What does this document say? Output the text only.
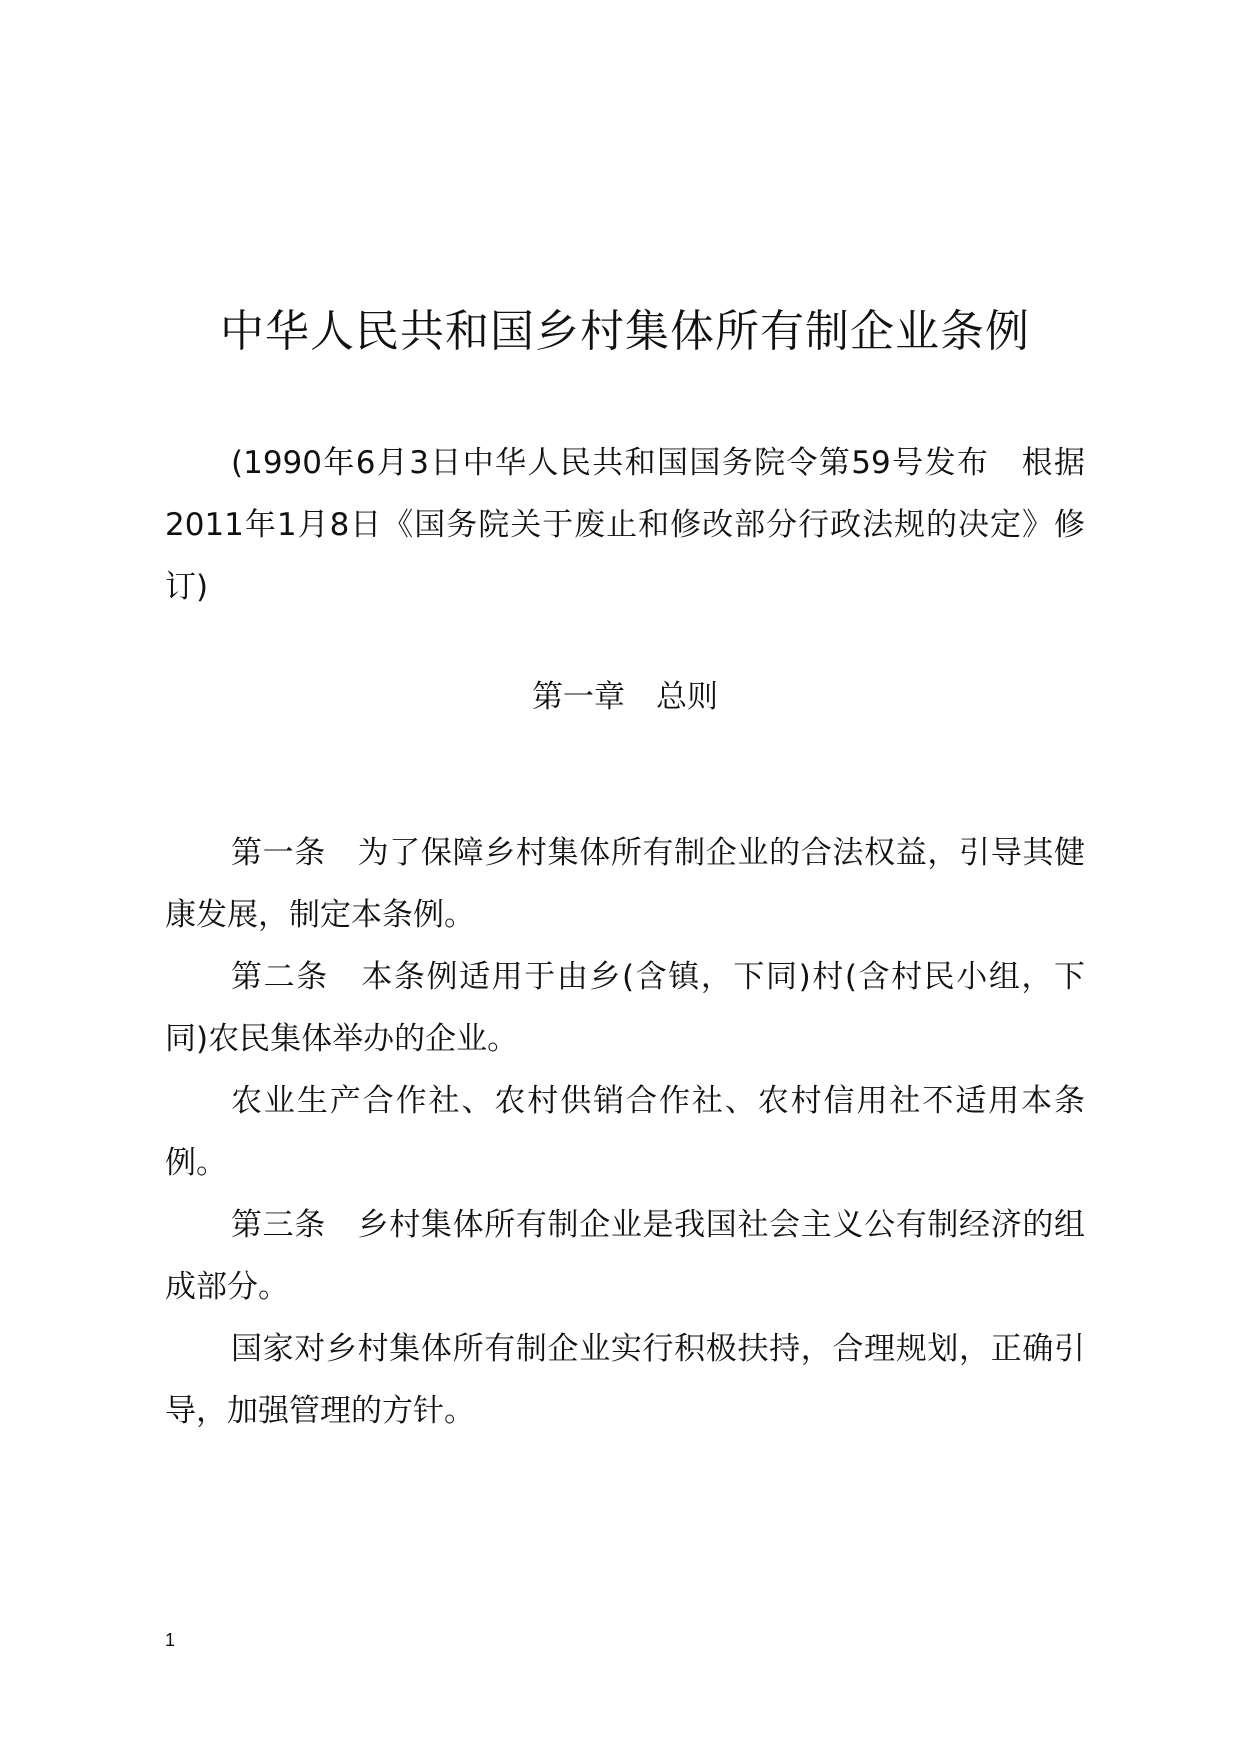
中华人民共和国乡村集体所有制企业条例

(1990年6月3日中华人民共和国国务院令第59号发布　根据2011年1月8日《国务院关于废止和修改部分行政法规的决定》修订)

第一章　总则

第一条　为了保障乡村集体所有制企业的合法权益，引导其健康发展，制定本条例。

第二条　本条例适用于由乡(含镇，下同)村(含村民小组，下同)农民集体举办的企业。

农业生产合作社、农村供销合作社、农村信用社不适用本条例。

第三条　乡村集体所有制企业是我国社会主义公有制经济的组成部分。

国家对乡村集体所有制企业实行积极扶持，合理规划，正确引导，加强管理的方针。

1
